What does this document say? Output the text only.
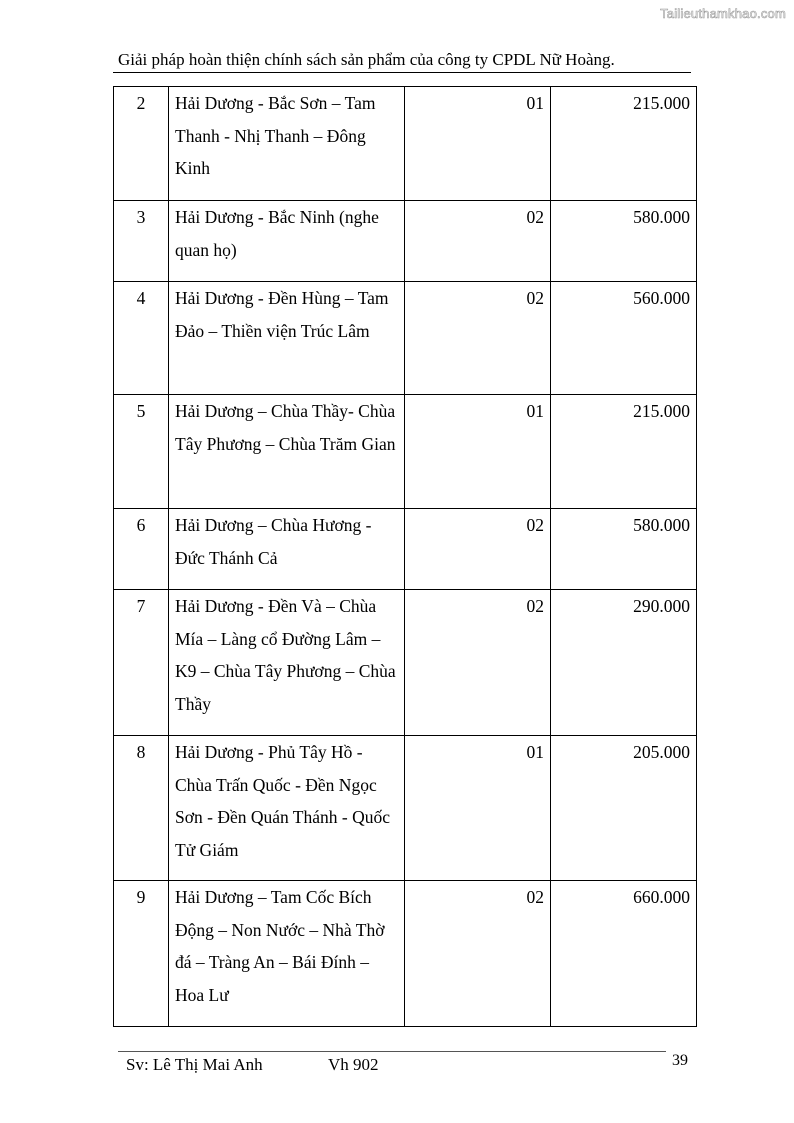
Tailieuthamkhao.com
Giải pháp hoàn thiện chính sách sản phẩm của công ty CPDL Nữ Hoàng.
2	Hải Dương - Bắc Sơn – Tam Thanh - Nhị Thanh – Đông Kinh	01	215.000
3	Hải Dương - Bắc Ninh (nghe quan họ)	02	580.000
4	Hải Dương - Đền Hùng – Tam Đảo – Thiền viện Trúc Lâm	02	560.000
5	Hải Dương – Chùa Thầy- Chùa Tây Phương – Chùa Trăm Gian	01	215.000
6	Hải Dương – Chùa Hương - Đức Thánh Cả	02	580.000
7	Hải Dương - Đền Và – Chùa Mía – Làng cổ Đường Lâm – K9 – Chùa Tây Phương – Chùa Thầy	02	290.000
8	Hải Dương - Phủ Tây Hồ - Chùa Trấn Quốc - Đền Ngọc Sơn - Đền Quán Thánh - Quốc Tử Giám	01	205.000
9	Hải Dương – Tam Cốc Bích Động – Non Nước – Nhà Thờ đá – Tràng An – Bái Đính – Hoa Lư	02	660.000
Sv: Lê Thị Mai Anh	Vh 902	39
